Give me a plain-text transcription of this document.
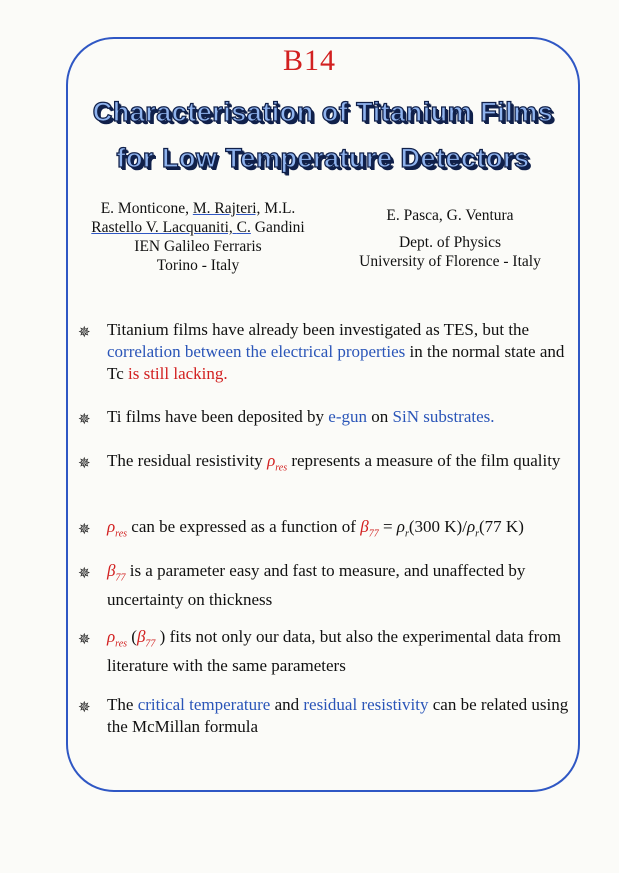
B14
Characterisation of Titanium Films
for Low Temperature Detectors
E. Monticone, M. Rajteri, M.L.
Rastello V. Lacquaniti, C. Gandini
IEN Galileo Ferraris
Torino - Italy
E. Pasca, G. Ventura
Dept. of Physics
University of Florence - Italy
✵ Titanium films have already been investigated as TES, but the correlation between the electrical properties in the normal state and Tc is still lacking.
✵ Ti films have been deposited by e-gun on SiN substrates.
✵ The residual resistivity $\rho_{res}$ represents a measure of the film quality
✵ $\rho_{res}$ can be expressed as a function of $\beta_{77} = \rho_r(300$ $K)/\rho_r(77$ K)
✵ $\beta_{77}$ is a parameter easy and fast to measure, and unaffected by uncertainty on thickness
✵ $\rho_{res}$ ($\beta_{77}$ ) fits not only our data, but also the experimental data from literature with the same parameters
✵ The critical temperature and residual resistivity can be related using the McMillan formula
